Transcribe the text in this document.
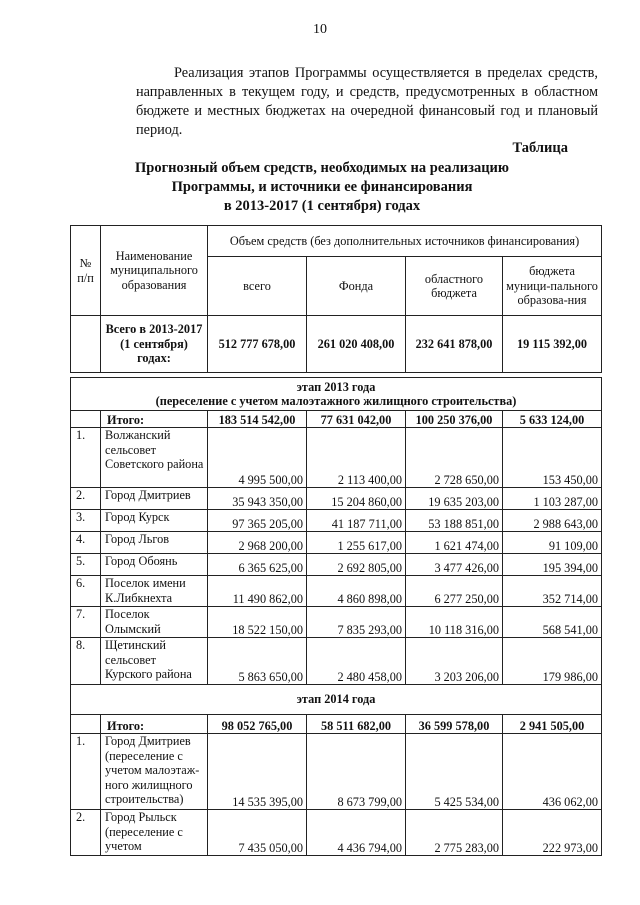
10
Реализация этапов Программы осуществляется в пределах средств, направленных в текущем году, и средств, предусмотренных в областном бюджете и местных бюджетах на очередной финансовый год и плановый период.
Таблица
Прогнозный объем средств, необходимых на реализацию
Программы, и источники ее финансирования
в 2013-2017 (1 сентября) годах
№ п/п	Наименование муниципального образования	Объем средств (без дополнительных источников финансирования)			
		всего	Фонда	областного бюджета	бюджета муници-пального образова-ния
	Всего в 2013-2017 (1 сентября) годах:	512 777 678,00	261 020 408,00	232 641 878,00	19 115 392,00
этап 2013 года
(переселение с учетом малоэтажного жилищного строительства)					

	Итого:	183 514 542,00	77 631 042,00	100 250 376,00	5 633 124,00
1.	Волжанский сельсовет Советского района	4 995 500,00	2 113 400,00	2 728 650,00	153 450,00
2.	Город Дмитриев	35 943 350,00	15 204 860,00	19 635 203,00	1 103 287,00
3.	Город Курск	97 365 205,00	41 187 711,00	53 188 851,00	2 988 643,00
4.	Город Льгов	2 968 200,00	1 255 617,00	1 621 474,00	91 109,00
5.	Город Обоянь	6 365 625,00	2 692 805,00	3 477 426,00	195 394,00
6.	Поселок имени К.Либкнехта	11 490 862,00	4 860 898,00	6 277 250,00	352 714,00
7.	Поселок Олымский	18 522 150,00	7 835 293,00	10 118 316,00	568 541,00
8.	Щетинский сельсовет Курского района	5 863 650,00	2 480 458,00	3 203 206,00	179 986,00
этап 2014 года					
	Итого:	98 052 765,00	58 511 682,00	36 599 578,00	2 941 505,00
1.	Город Дмитриев (переселение с учетом малоэтаж-ного жилищного строительства)	14 535 395,00	8 673 799,00	5 425 534,00	436 062,00
2.	Город Рыльск (переселение с учетом	7 435 050,00	4 436 794,00	2 775 283,00	222 973,00
